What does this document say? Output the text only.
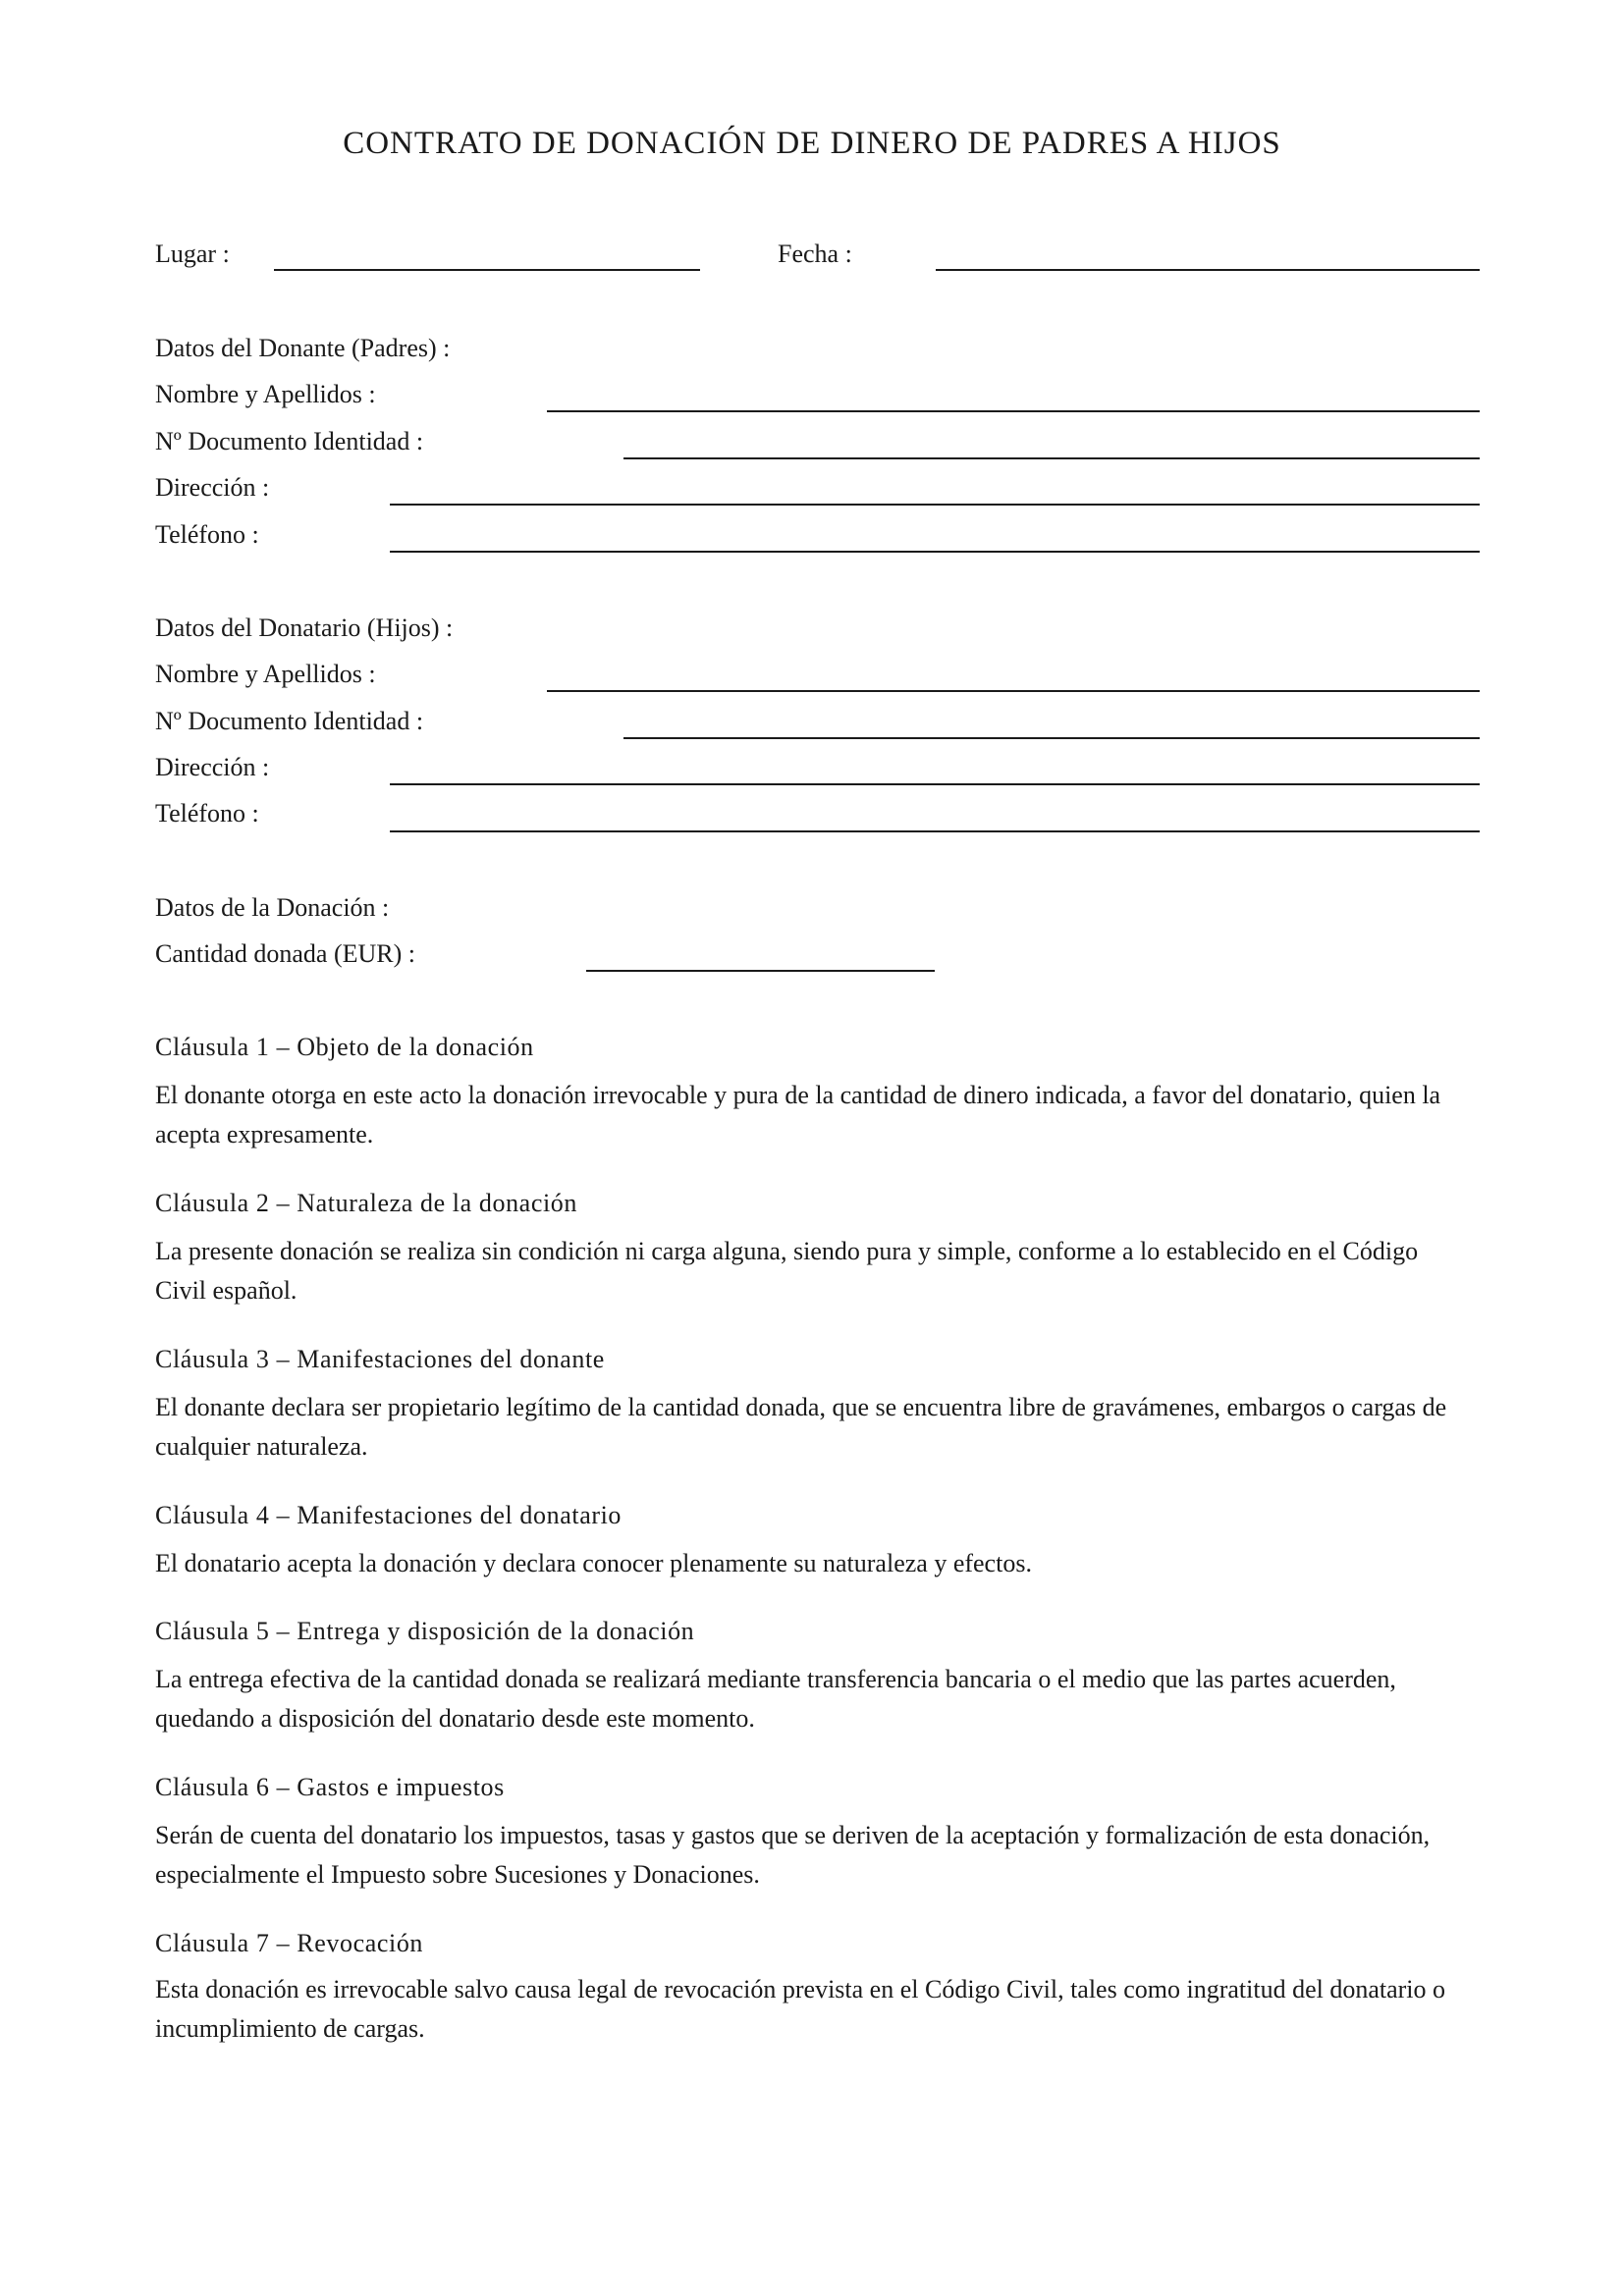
CONTRATO DE DONACIÓN DE DINERO DE PADRES A HIJOS
Lugar :	Fecha :
Datos del Donante (Padres) :
Nombre y Apellidos :
Nº Documento Identidad :
Dirección :
Teléfono :
Datos del Donatario (Hijos) :
Nombre y Apellidos :
Nº Documento Identidad :
Dirección :
Teléfono :
Datos de la Donación :
Cantidad donada (EUR) :
Cláusula 1 – Objeto de la donación
El donante otorga en este acto la donación irrevocable y pura de la cantidad de dinero indicada, a favor del donatario, quien la acepta expresamente.
Cláusula 2 – Naturaleza de la donación
La presente donación se realiza sin condición ni carga alguna, siendo pura y simple, conforme a lo establecido en el Código Civil español.
Cláusula 3 – Manifestaciones del donante
El donante declara ser propietario legítimo de la cantidad donada, que se encuentra libre de gravámenes, embargos o cargas de cualquier naturaleza.
Cláusula 4 – Manifestaciones del donatario
El donatario acepta la donación y declara conocer plenamente su naturaleza y efectos.
Cláusula 5 – Entrega y disposición de la donación
La entrega efectiva de la cantidad donada se realizará mediante transferencia bancaria o el medio que las partes acuerden, quedando a disposición del donatario desde este momento.
Cláusula 6 – Gastos e impuestos
Serán de cuenta del donatario los impuestos, tasas y gastos que se deriven de la aceptación y formalización de esta donación, especialmente el Impuesto sobre Sucesiones y Donaciones.
Cláusula 7 – Revocación
Esta donación es irrevocable salvo causa legal de revocación prevista en el Código Civil, tales como ingratitud del donatario o incumplimiento de cargas.
